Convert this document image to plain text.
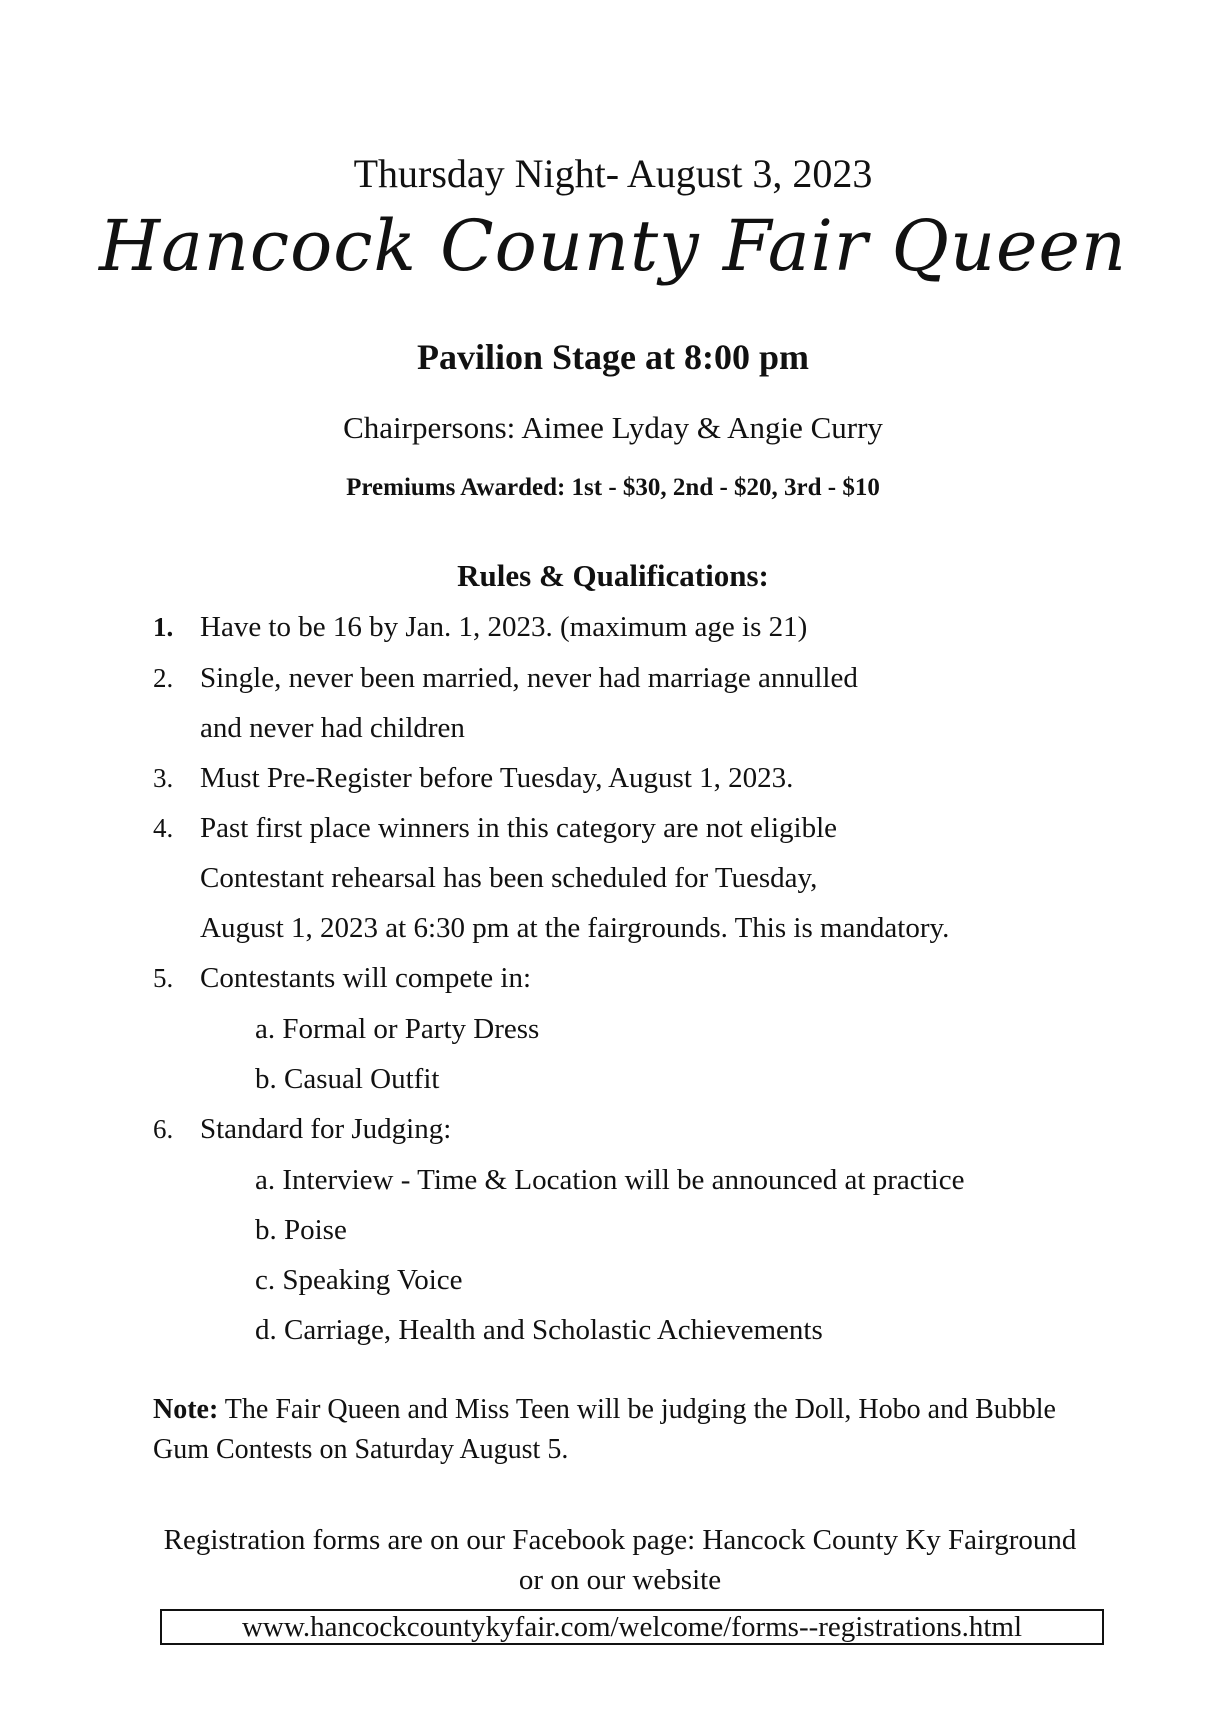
Thursday Night- August 3, 2023
Hancock County Fair Queen
Pavilion Stage at 8:00 pm
Chairpersons: Aimee Lyday & Angie Curry
Premiums Awarded: 1st - $30, 2nd - $20, 3rd - $10
Rules & Qualifications:
1. Have to be 16 by Jan. 1, 2023. (maximum age is 21)
2. Single, never been married, never had marriage annulled
and never had children
3. Must Pre-Register before Tuesday, August 1, 2023.
4. Past first place winners in this category are not eligible
Contestant rehearsal has been scheduled for Tuesday,
August 1, 2023 at 6:30 pm at the fairgrounds. This is mandatory.
5. Contestants will compete in:
a. Formal or Party Dress
b. Casual Outfit
6. Standard for Judging:
a. Interview - Time & Location will be announced at practice
b. Poise
c. Speaking Voice
d. Carriage, Health and Scholastic Achievements
Note: The Fair Queen and Miss Teen will be judging the Doll, Hobo and Bubble Gum Contests on Saturday August 5.
Registration forms are on our Facebook page: Hancock County Ky Fairground or on our website
www.hancockcountykyfair.com/welcome/forms--registrations.html
